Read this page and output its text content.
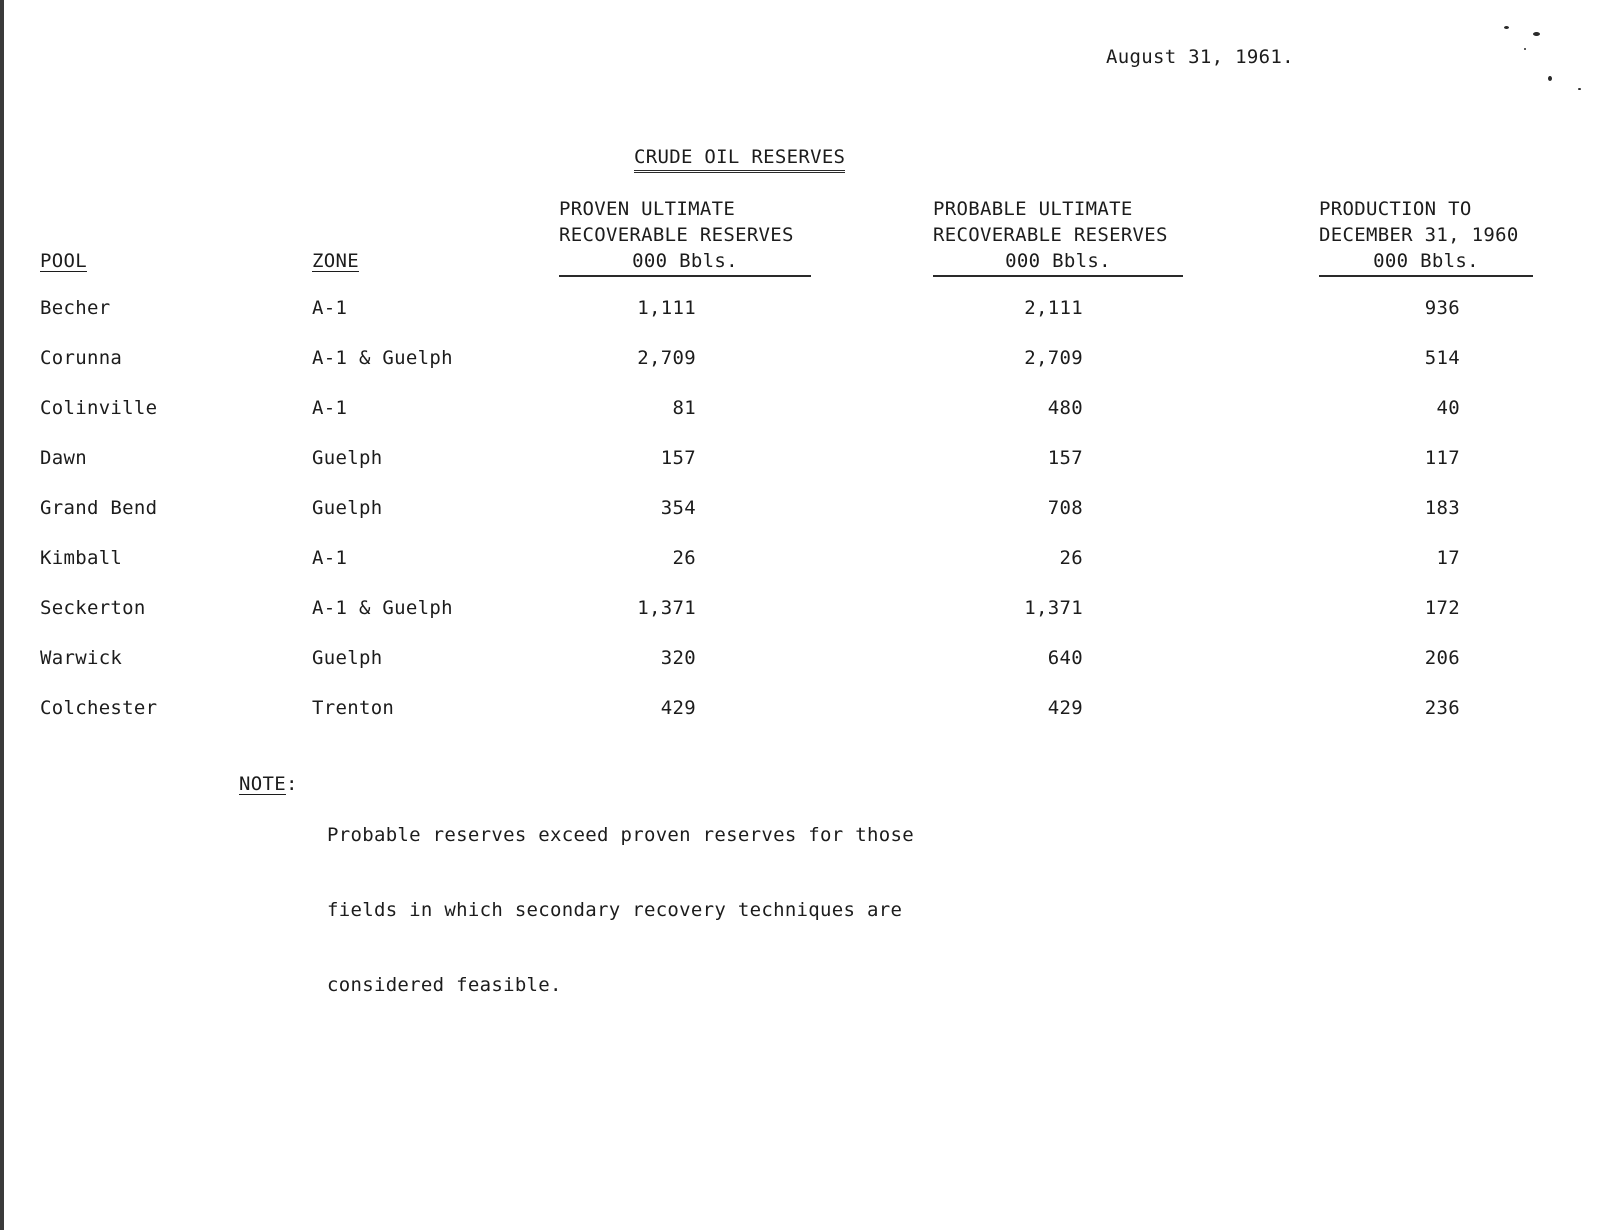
August 31, 1961.
CRUDE OIL RESERVES
POOL	ZONE
PROVEN ULTIMATE
RECOVERABLE RESERVES
000 Bbls.
PROBABLE ULTIMATE
RECOVERABLE RESERVES
000 Bbls.
PRODUCTION TO
DECEMBER 31, 1960
000 Bbls.
Becher	A-1	1,111	2,111	936
Corunna	A-1 & Guelph	2,709	2,709	514
Colinville	A-1	81	480	40
Dawn	Guelph	157	157	117
Grand Bend	Guelph	354	708	183
Kimball	A-1	26	26	17
Seckerton	A-1 & Guelph	1,371	1,371	172
Warwick	Guelph	320	640	206
Colchester	Trenton	429	429	236
NOTE:

Probable reserves exceed proven reserves for those

fields in which secondary recovery techniques are

considered feasible.
